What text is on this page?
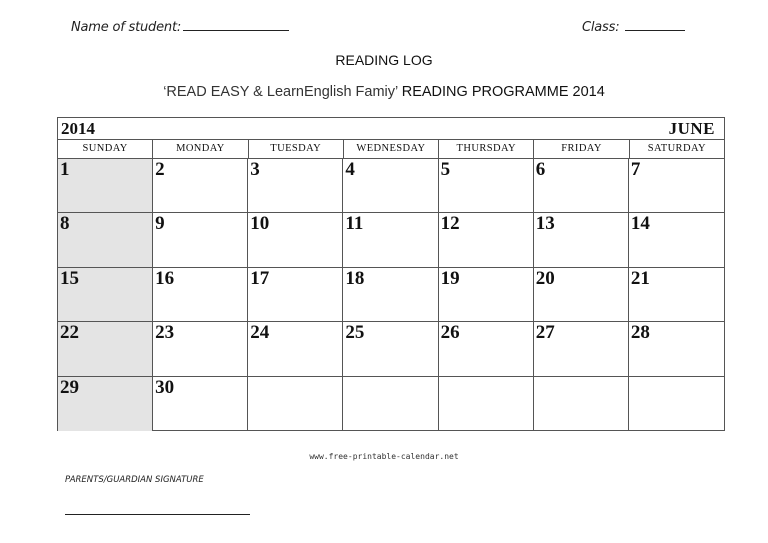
Name of student:	Class:
READING LOG
‘READ EASY & LearnEnglish Famiy’ READING PROGRAMME 2014
2014	JUNE
SUNDAY	MONDAY	TUESDAY	WEDNESDAY	THURSDAY	FRIDAY	SATURDAY
1	2	3	4	5	6	7
8	9	10	11	12	13	14
15	16	17	18	19	20	21
22	23	24	25	26	27	28
29	30
www.free-printable-calendar.net
PARENTS/GUARDIAN SIGNATURE
